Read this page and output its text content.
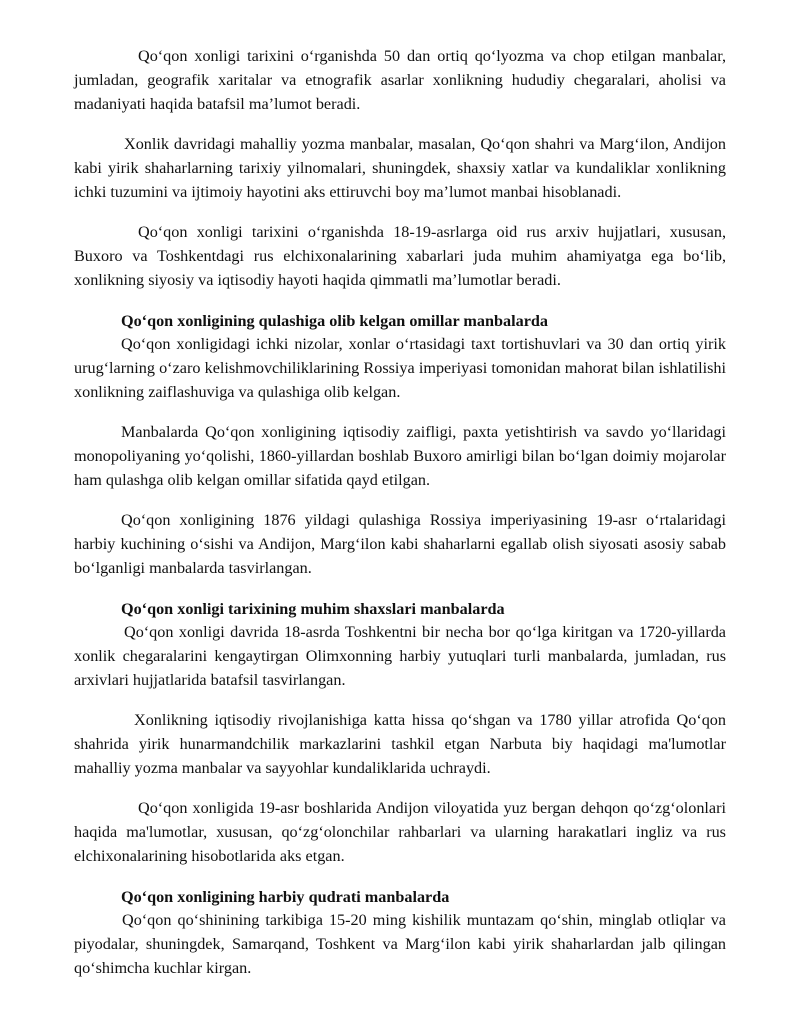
Qo‘qon xonligi tarixini o‘rganishda 50 dan ortiq qo‘lyozma va chop etilgan manbalar, jumladan, geografik xaritalar va etnografik asarlar xonlikning hududiy chegaralari, aholisi va madaniyati haqida batafsil ma’lumot beradi.

Xonlik davridagi mahalliy yozma manbalar, masalan, Qo‘qon shahri va Marg‘ilon, Andijon kabi yirik shaharlarning tarixiy yilnomalari, shuningdek, shaxsiy xatlar va kundaliklar xonlikning ichki tuzumini va ijtimoiy hayotini aks ettiruvchi boy ma’lumot manbai hisoblanadi.

Qo‘qon xonligi tarixini o‘rganishda 18-19-asrlarga oid rus arxiv hujjatlari, xususan, Buxoro va Toshkentdagi rus elchixonalarining xabarlari juda muhim ahamiyatga ega bo‘lib, xonlikning siyosiy va iqtisodiy hayoti haqida qimmatli ma’lumotlar beradi.

Qo‘qon xonligining qulashiga olib kelgan omillar manbalarda

Qo‘qon xonligidagi ichki nizolar, xonlar o‘rtasidagi taxt tortishuvlari va 30 dan ortiq yirik urug‘larning o‘zaro kelishmovchiliklarining Rossiya imperiyasi tomonidan mahorat bilan ishlatilishi xonlikning zaiflashuviga va qulashiga olib kelgan.

Manbalarda Qo‘qon xonligining iqtisodiy zaifligi, paxta yetishtirish va savdo yo‘llaridagi monopoliyaning yo‘qolishi, 1860-yillardan boshlab Buxoro amirligi bilan bo‘lgan doimiy mojarolar ham qulashga olib kelgan omillar sifatida qayd etilgan.

Qo‘qon xonligining 1876 yildagi qulashiga Rossiya imperiyasining 19-asr o‘rtalaridagi harbiy kuchining o‘sishi va Andijon, Marg‘ilon kabi shaharlarni egallab olish siyosati asosiy sabab bo‘lganligi manbalarda tasvirlangan.

Qo‘qon xonligi tarixining muhim shaxslari manbalarda

Qo‘qon xonligi davrida 18-asrda Toshkentni bir necha bor qo‘lga kiritgan va 1720-yillarda xonlik chegaralarini kengaytirgan Olimxonning harbiy yutuqlari turli manbalarda, jumladan, rus arxivlari hujjatlarida batafsil tasvirlangan.

Xonlikning iqtisodiy rivojlanishiga katta hissa qo‘shgan va 1780 yillar atrofida Qo‘qon shahrida yirik hunarmandchilik markazlarini tashkil etgan Narbuta biy haqidagi ma'lumotlar mahalliy yozma manbalar va sayyohlar kundaliklarida uchraydi.

Qo‘qon xonligida 19-asr boshlarida Andijon viloyatida yuz bergan dehqon qo‘zg‘olonlari haqida ma'lumotlar, xususan, qo‘zg‘olonchilar rahbarlari va ularning harakatlari ingliz va rus elchixonalarining hisobotlarida aks etgan.

Qo‘qon xonligining harbiy qudrati manbalarda

Qo‘qon qo‘shinining tarkibiga 15-20 ming kishilik muntazam qo‘shin, minglab otliqlar va piyodalar, shuningdek, Samarqand, Toshkent va Marg‘ilon kabi yirik shaharlardan jalb qilingan qo‘shimcha kuchlar kirgan.
